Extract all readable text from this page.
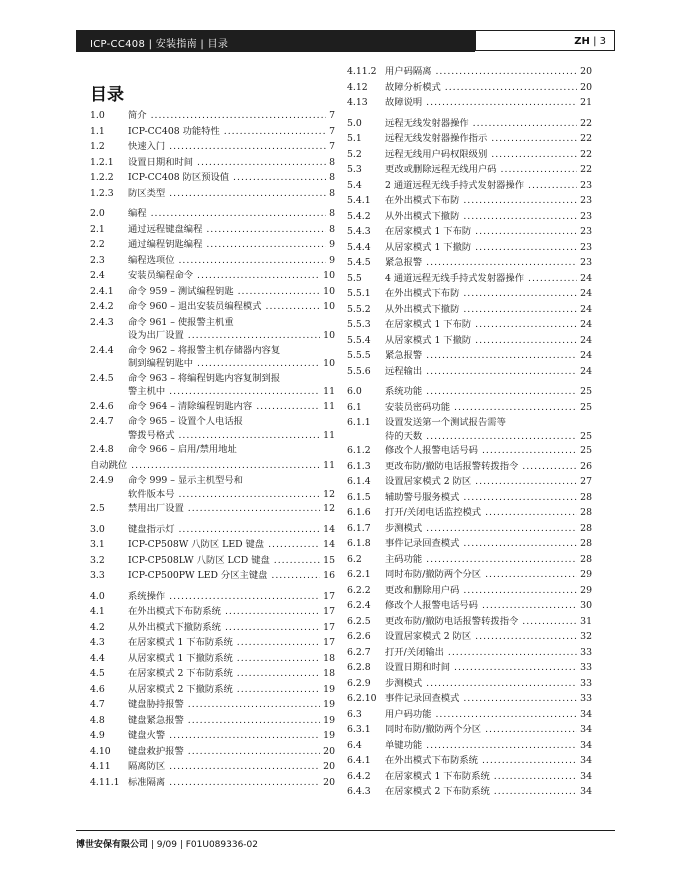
ICP-CC408 | 安装指南 | 目录	ZH | 3
目录
1.0 简介 .....	7
1.1 ICP-CC408 功能特性 .....	7
1.2 快速入门 .....	7
1.2.1 设置日期和时间 .....	8
1.2.2 ICP-CC408 防区预设值 .....	8
1.2.3 防区类型 .....	8
2.0 编程 .....	8
2.1 通过远程键盘编程 .....	8
2.2 通过编程钥匙编程 .....	9
2.3 编程选项位 .....	9
2.4 安装员编程命令 .....	10
2.4.1 命令 959 – 测试编程钥匙 .....	10
2.4.2 命令 960 – 退出安装员编程模式 .....	10
2.4.3 命令 961 – 使报警主机重
设为出厂设置 .....	10
2.4.4 命令 962 – 将报警主机存储器内容复
制到编程钥匙中 .....	10
2.4.5 命令 963 – 将编程钥匙内容复制到报
警主机中 .....	11
2.4.6 命令 964 – 清除编程钥匙内容 .....	11
2.4.7 命令 965 – 设置个人电话报
警拨号格式 .....	11
2.4.8 命令 966 – 启用/禁用地址
自动跳位 .....	11
2.4.9 命令 999 – 显示主机型号和
软件版本号 .....	12
2.5 禁用出厂设置 .....	12
3.0 键盘指示灯 .....	14
3.1 ICP-CP508W 八防区 LED 键盘 .....	14
3.2 ICP-CP508LW 八防区 LCD 键盘 .....	15
3.3 ICP-CP500PW LED 分区主键盘 .....	16
4.0 系统操作 .....	17
4.1 在外出模式下布防系统 .....	17
4.2 从外出模式下撤防系统 .....	17
4.3 在居家模式 1 下布防系统 .....	17
4.4 从居家模式 1 下撤防系统 .....	18
4.5 在居家模式 2 下布防系统 .....	18
4.6 从居家模式 2 下撤防系统 .....	19
4.7 键盘胁持报警 .....	19
4.8 键盘紧急报警 .....	19
4.9 键盘火警 .....	19
4.10 键盘救护报警 .....	20
4.11 隔离防区 .....	20
4.11.1 标准隔离 .....	20
4.11.2 用户码隔离 .....	20
4.12 故障分析模式 .....	20
4.13 故障说明 .....	21
5.0 远程无线发射器操作 .....	22
5.1 远程无线发射器操作指示 .....	22
5.2 远程无线用户码权限级别 .....	22
5.3 更改或删除远程无线用户码 .....	22
5.4 2 通道远程无线手持式发射器操作 .....	23
5.4.1 在外出模式下布防 .....	23
5.4.2 从外出模式下撤防 .....	23
5.4.3 在居家模式 1 下布防 .....	23
5.4.4 从居家模式 1 下撤防 .....	23
5.4.5 紧急报警 .....	23
5.5 4 通道远程无线手持式发射器操作 .....	24
5.5.1 在外出模式下布防 .....	24
5.5.2 从外出模式下撤防 .....	24
5.5.3 在居家模式 1 下布防 .....	24
5.5.4 从居家模式 1 下撤防 .....	24
5.5.5 紧急报警 .....	24
5.5.6 远程输出 .....	24
6.0 系统功能 .....	25
6.1 安装员密码功能 .....	25
6.1.1 设置发送第一个测试报告需等
待的天数 .....	25
6.1.2 修改个人报警电话号码 .....	25
6.1.3 更改布防/撤防电话报警转拨指令 .....	26
6.1.4 设置居家模式 2 防区 .....	27
6.1.5 辅助警号服务模式 .....	28
6.1.6 打开/关闭电话监控模式 .....	28
6.1.7 步测模式 .....	28
6.1.8 事件记录回查模式 .....	28
6.2 主码功能 .....	28
6.2.1 同时布防/撤防两个分区 .....	29
6.2.2 更改和删除用户码 .....	29
6.2.4 修改个人报警电话号码 .....	30
6.2.5 更改布防/撤防电话报警转拨指令 .....	31
6.2.6 设置居家模式 2 防区 .....	32
6.2.7 打开/关闭输出 .....	33
6.2.8 设置日期和时间 .....	33
6.2.9 步测模式 .....	33
6.2.10 事件记录回查模式 .....	33
6.3 用户码功能 .....	34
6.3.1 同时布防/撤防两个分区 .....	34
6.4 单键功能 .....	34
6.4.1 在外出模式下布防系统 .....	34
6.4.2 在居家模式 1 下布防系统 .....	34
6.4.3 在居家模式 2 下布防系统 .....	34
博世安保有限公司 | 9/09 | F01U089336-02
